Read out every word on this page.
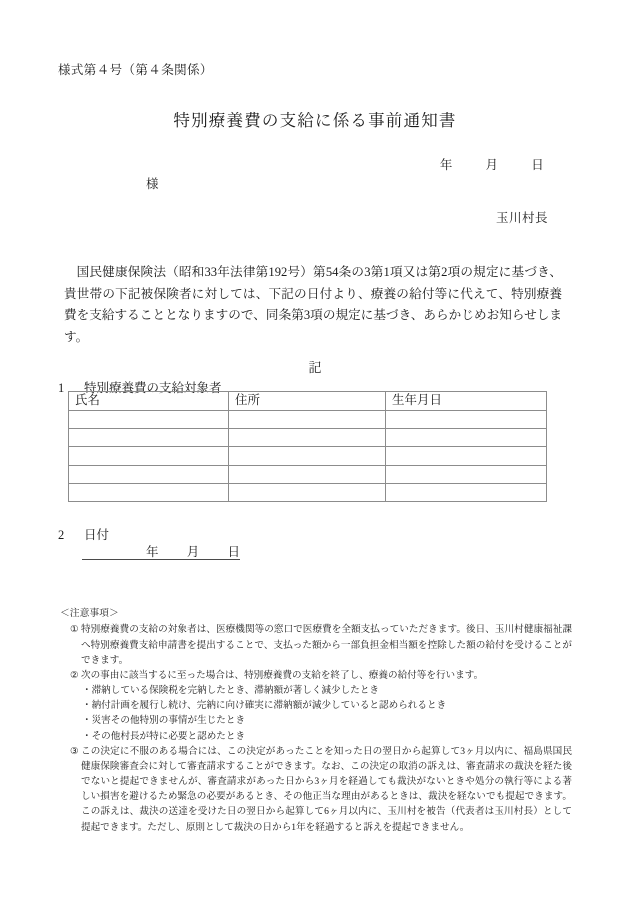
様式第４号（第４条関係）
特別療養費の支給に係る事前通知書
年	月	日
様
玉川村長
国民健康保険法（昭和33年法律第192号）第54条の3第1項又は第2項の規定に基づき、貴世帯の下記被保険者に対しては、下記の日付より、療養の給付等に代えて、特別療養費を支給することとなりますので、同条第3項の規定に基づき、あらかじめお知らせします。
記
1 特別療養費の支給対象者
氏名	住所	生年月日

2 日付
年 月 日
＜注意事項＞
① 特別療養費の支給の対象者は、医療機関等の窓口で医療費を全額支払っていただきます。後日、玉川村健康福祉課へ特別療養費支給申請書を提出することで、支払った額から一部負担金相当額を控除した額の給付を受けることができます。
② 次の事由に該当するに至った場合は、特別療養費の支給を終了し、療養の給付等を行います。
・滞納している保険税を完納したとき、滞納額が著しく減少したとき
・納付計画を履行し続け、完納に向け確実に滞納額が減少していると認められるとき
・災害その他特別の事情が生じたとき
・その他村長が特に必要と認めたとき
③ この決定に不服のある場合には、この決定があったことを知った日の翌日から起算して3ヶ月以内に、福島県国民健康保険審査会に対して審査請求することができます。なお、この決定の取消の訴えは、審査請求の裁決を経た後でないと提起できませんが、審査請求があった日から3ヶ月を経過しても裁決がないときや処分の執行等による著しい損害を避けるため緊急の必要があるとき、その他正当な理由があるときは、裁決を経ないでも提起できます。この訴えは、裁決の送達を受けた日の翌日から起算して6ヶ月以内に、玉川村を被告（代表者は玉川村長）として提起できます。ただし、原則として裁決の日から1年を経過すると訴えを提起できません。
